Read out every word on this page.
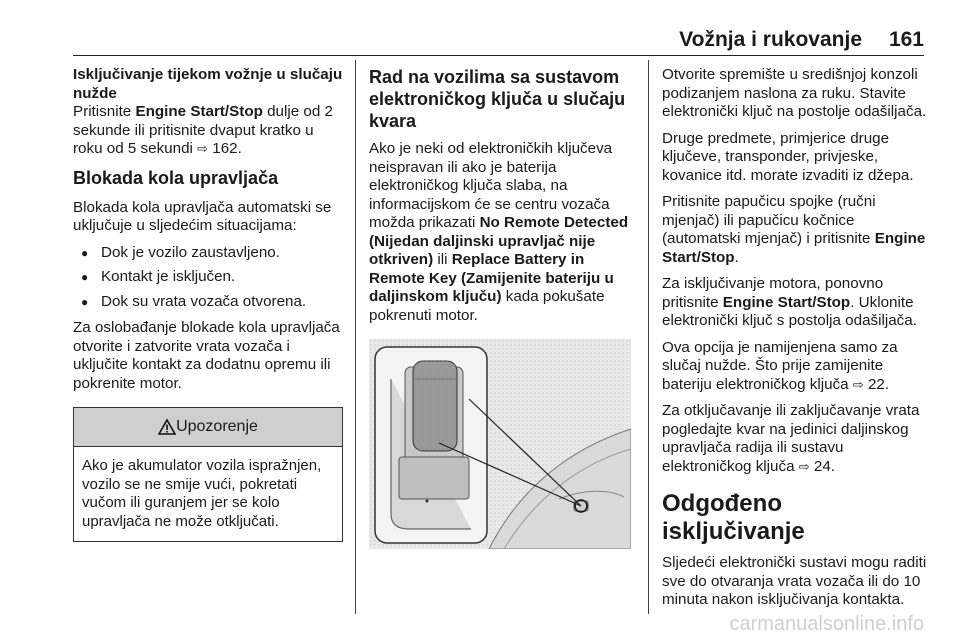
Vožnja i rukovanje 161

Isključivanje tijekom vožnje u slučaju nužde

Pritisnite Engine Start/Stop dulje od 2 sekunde ili pritisnite dvaput kratko u roku od 5 sekundi ⇨ 162.

Blokada kola upravljača

Blokada kola upravljača automatski se uključuje u sljedećim situacijama:

● Dok je vozilo zaustavljeno.
● Kontakt je isključen.
● Dok su vrata vozača otvorena.

Za oslobađanje blokade kola upravljača otvorite i zatvorite vrata vozača i uključite kontakt za dodatnu opremu ili pokrenite motor.

Upozorenje
Ako je akumulator vozila ispražnjen, vozilo se ne smije vući, pokretati vučom ili guranjem jer se kolo upravljača ne može otključati.

Rad na vozilima sa sustavom elektroničkog ključa u slučaju kvara

Ako je neki od elektroničkih ključeva neispravan ili ako je baterija elektroničkog ključa slaba, na informacijskom će se centru vozača možda prikazati No Remote Detected (Nijedan daljinski upravljač nije otkriven) ili Replace Battery in Remote Key (Zamijenite bateriju u daljinskom ključu) kada pokušate pokrenuti motor.

Otvorite spremište u središnjoj konzoli podizanjem naslona za ruku. Stavite elektronički ključ na postolje odašiljača.

Druge predmete, primjerice druge ključeve, transponder, privjeske, kovanice itd. morate izvaditi iz džepa.

Pritisnite papučicu spojke (ručni mjenjač) ili papučicu kočnice (automatski mjenjač) i pritisnite Engine Start/Stop.

Za isključivanje motora, ponovno pritisnite Engine Start/Stop. Uklonite elektronički ključ s postolja odašiljača.

Ova opcija je namijenjena samo za slučaj nužde. Što prije zamijenite bateriju elektroničkog ključa ⇨ 22.

Za otključavanje ili zaključavanje vrata pogledajte kvar na jedinici daljinskog upravljača radija ili sustavu elektroničkog ključa ⇨ 24.

Odgođeno isključivanje

Sljedeći elektronički sustavi mogu raditi sve do otvaranja vrata vozača ili do 10 minuta nakon isključivanja kontakta.

carmanualsonline.info
